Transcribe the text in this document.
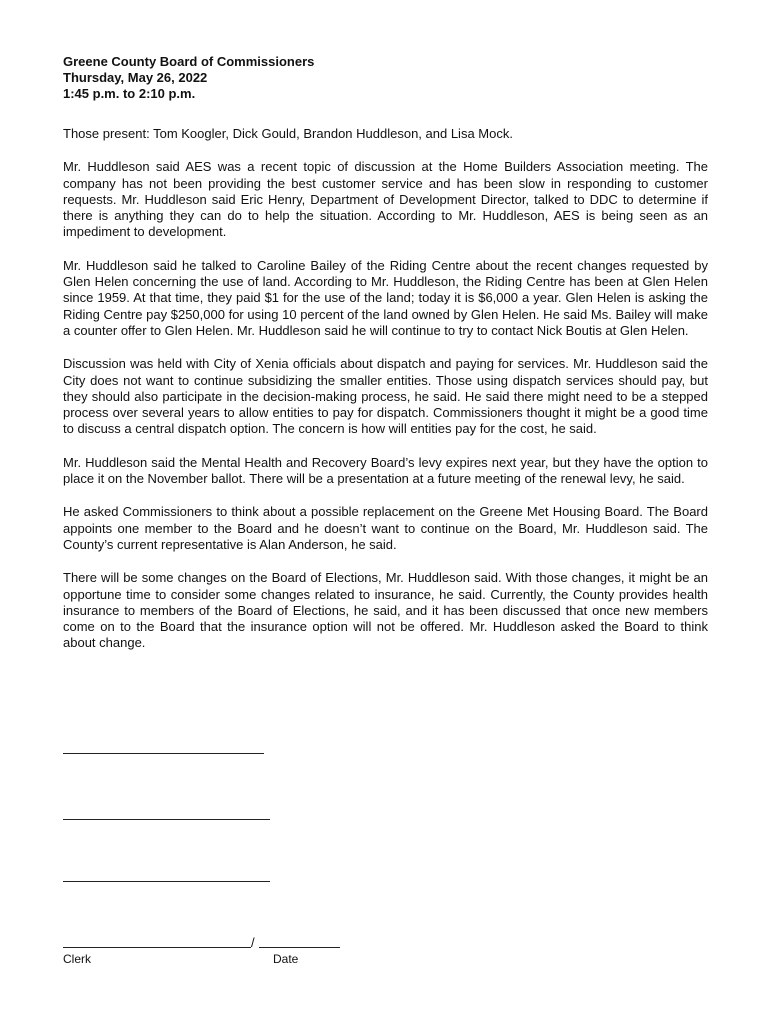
Greene County Board of Commissioners
Thursday, May 26, 2022
1:45 p.m. to 2:10 p.m.

Those present: Tom Koogler, Dick Gould, Brandon Huddleson, and Lisa Mock.

Mr. Huddleson said AES was a recent topic of discussion at the Home Builders Association meeting. The company has not been providing the best customer service and has been slow in responding to customer requests. Mr. Huddleson said Eric Henry, Department of Development Director, talked to DDC to determine if there is anything they can do to help the situation. According to Mr. Huddleson, AES is being seen as an impediment to development.

Mr. Huddleson said he talked to Caroline Bailey of the Riding Centre about the recent changes requested by Glen Helen concerning the use of land. According to Mr. Huddleson, the Riding Centre has been at Glen Helen since 1959. At that time, they paid $1 for the use of the land; today it is $6,000 a year. Glen Helen is asking the Riding Centre pay $250,000 for using 10 percent of the land owned by Glen Helen. He said Ms. Bailey will make a counter offer to Glen Helen. Mr. Huddleson said he will continue to try to contact Nick Boutis at Glen Helen.

Discussion was held with City of Xenia officials about dispatch and paying for services. Mr. Huddleson said the City does not want to continue subsidizing the smaller entities. Those using dispatch services should pay, but they should also participate in the decision-making process, he said. He said there might need to be a stepped process over several years to allow entities to pay for dispatch. Commissioners thought it might be a good time to discuss a central dispatch option. The concern is how will entities pay for the cost, he said.

Mr. Huddleson said the Mental Health and Recovery Board’s levy expires next year, but they have the option to place it on the November ballot. There will be a presentation at a future meeting of the renewal levy, he said.

He asked Commissioners to think about a possible replacement on the Greene Met Housing Board. The Board appoints one member to the Board and he doesn’t want to continue on the Board, Mr. Huddleson said. The County’s current representative is Alan Anderson, he said.

There will be some changes on the Board of Elections, Mr. Huddleson said. With those changes, it might be an opportune time to consider some changes related to insurance, he said. Currently, the County provides health insurance to members of the Board of Elections, he said, and it has been discussed that once new members come on to the Board that the insurance option will not be offered. Mr. Huddleson asked the Board to think about change.

/
Clerk	Date
